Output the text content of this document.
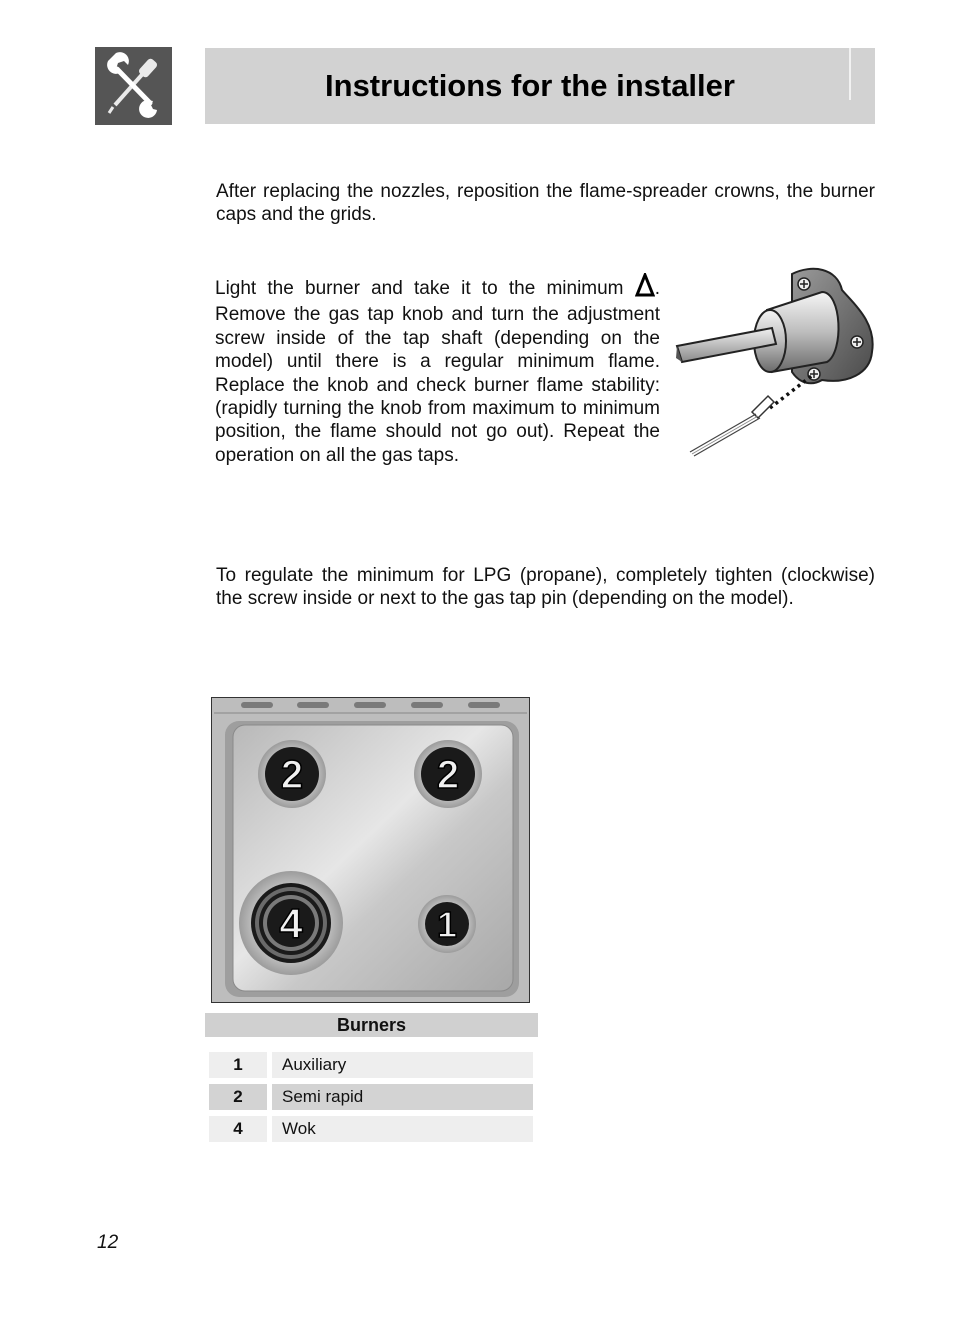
Instructions for the installer

After replacing the nozzles, reposition the flame-spreader crowns, the burner caps and the grids.

Light the burner and take it to the minimum . Remove the gas tap knob and turn the adjustment screw inside of the tap shaft (depending on the model) until there is a regular minimum flame. Replace the knob and check burner flame stability: (rapidly turning the knob from maximum to minimum position, the flame should not go out). Repeat the operation on all the gas taps.

To regulate the minimum for LPG (propane), completely tighten (clockwise) the screw inside or next to the gas tap pin (depending on the model).

2	2
4	1
Burners
1	Auxiliary
2	Semi rapid
4	Wok
12
